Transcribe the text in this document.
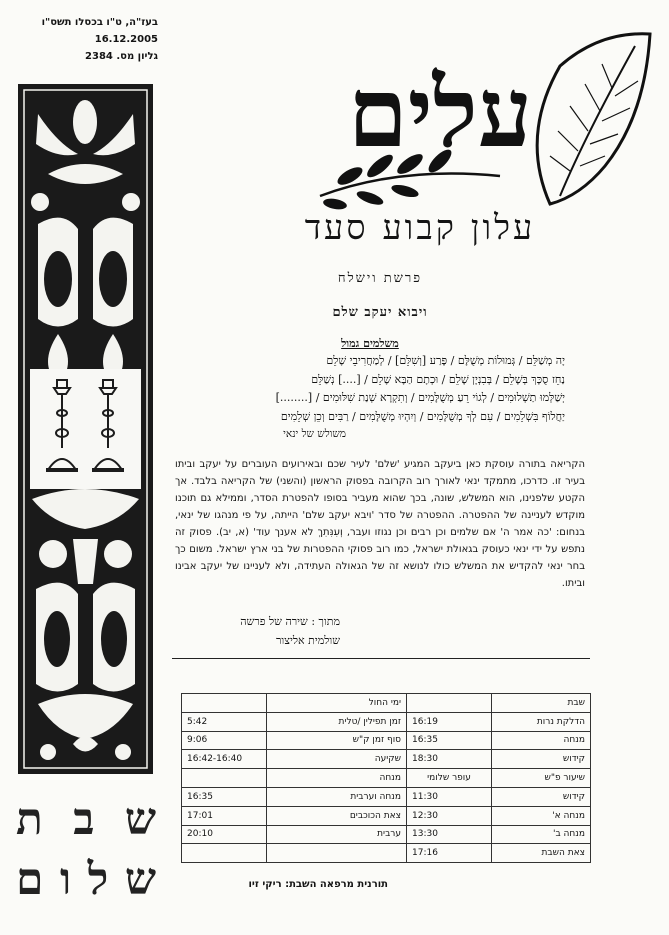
בעז"ה, ט"ו בכסלו תשס"ו
16.12.2005
גליון מס. 2384
ש
ב
ת
ש
ל
ו
ם
עלים
עלון קבוע סעד
פרשת וישלח
ויבוא יעקב שלם
משלמים גמול
יָה מְשַׁלֵּם / גְּמוּלוֹת מְשֻׁלָּם / פֶּרַע [וְשִׁלֵּם] / לְמַחֲרִיבֵי שָׁלֵם
נַחֵז סֻכָּךְ בְּשָׁלֵם / בְּבִנְיָן שָׁלֵם / וּכְתָם הַבָּא שָׁלֵם / [....] נְשַׁלֵּם
יְשַׁלְּמוּ תַשְׁלוּמִים / לְגוֹי רֵעַ מְשֻׁלָּמִים / וְתִקְרָא שְׁנַת שִׁלּוּמִים / [........]
יַחֲלוֹף בִּשְׁלֵמִים / עִם לְךָ מְשֻׁלָּמִים / וְיִהְיוּ מְשֻׁלָּמִים / רַבִּים וְכֵן שְׁלֵמִים
משולש של ינאי

הקריאה בתורה עוסקת כאן ביעקב המגיע 'שלם' לעיר שכם ובאירועים העוברים על יעקב וביתו בעיר זו. כדרכו, מתמקד ינאי לאורך רוב הקרובה בפסוק הראשון (והשני) של הקריאה בלבד. אך הקטע שלפנינו, הוא המשלש, שונה, בכך שהוא מעביר בסופו להפטרת הסדר, וממילא גם תוכנו מוקדש לעניינה של ההפטרה. ההפטרה של סדר 'ויבא יעקב שלם' הייתה, על פי מנהגו של ינאי, בנחום: 'כה אמר ה' אם שלמים וכן רבים וכן נגוזו ועבר, וְעִנִּתִךְ לא אענך עוד' (א, יב). פסוק זה נתפש על ידי ינאי כעוסק בגאולת ישראל, כמו רוב פסוקי ההפטרות של בני ארץ ישראל. משום כך בחר ינאי להקדיש את המשלש כולו לנושא זה של הגאולה העתידה, ולא לעניינו של יעקב אבינו וביתו.

מתוך : שירה של פרשה
שולמית אליצור
שבת		ימי החול	
הדלקת נרות	16:19	זמן תפילין /טלית	5:42
מנחה	16:35	סוף זמן ק"ש	9:06
קידוש	18:30	שקיעה	16:42-16:40
שיעור פ"ש	עופר שלומי	מנחה	
קידוש	11:30	מנחה וערבית	16:35
מנחה א'	12:30	צאת הכוכבים	17:01
מנחה ב'	13:30	ערבית	20:10
צאת השבת	17:16		
תורנית מרפאה השבת: ריקי זיו
